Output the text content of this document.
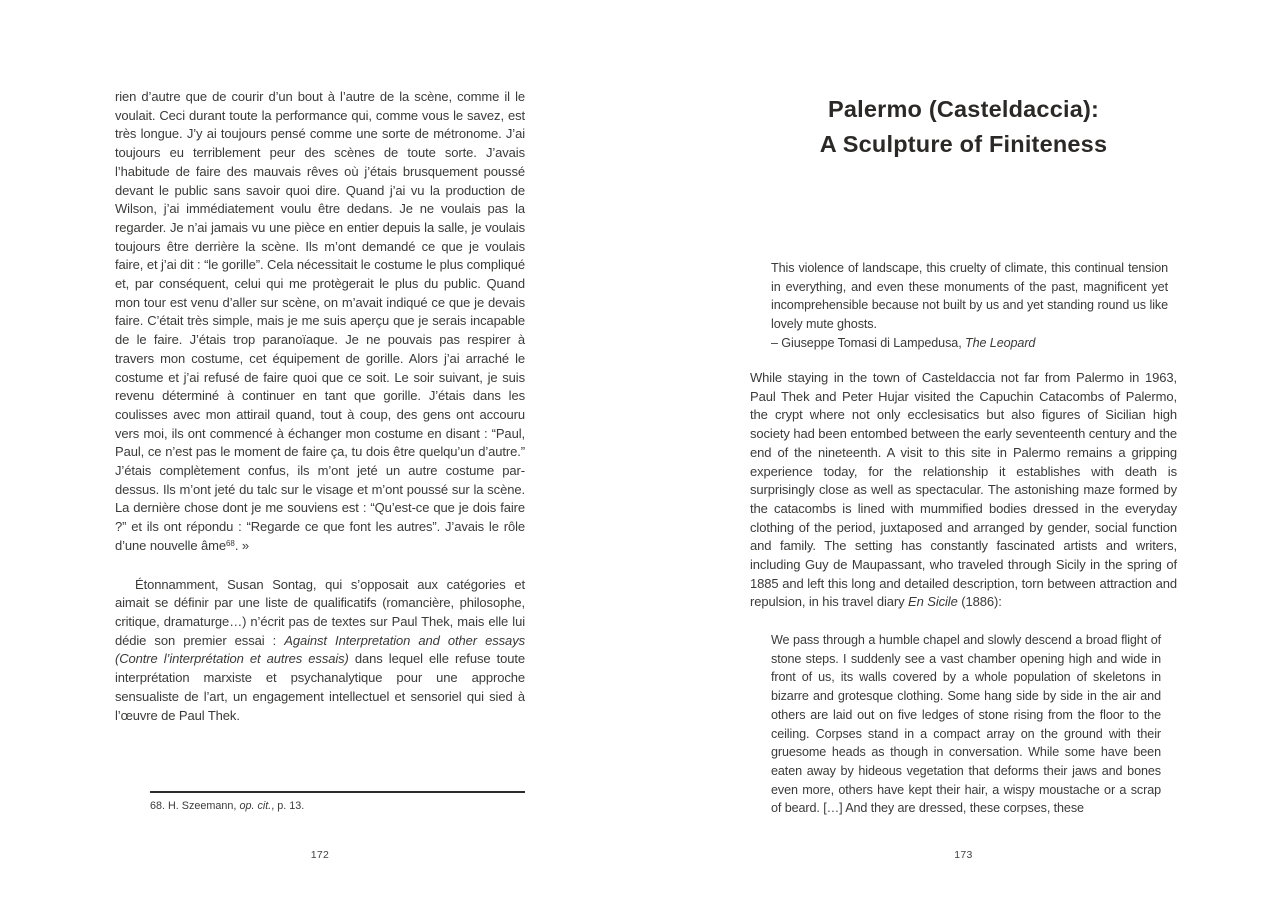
rien d’autre que de courir d’un bout à l’autre de la scène, comme il le voulait. Ceci durant toute la performance qui, comme vous le savez, est très longue. J’y ai toujours pensé comme une sorte de métronome. J’ai toujours eu terriblement peur des scènes de toute sorte. J’avais l’habitude de faire des mauvais rêves où j’étais brusquement poussé devant le public sans savoir quoi dire. Quand j’ai vu la production de Wilson, j’ai immédiatement voulu être dedans. Je ne voulais pas la regarder. Je n’ai jamais vu une pièce en entier depuis la salle, je voulais toujours être derrière la scène. Ils m’ont demandé ce que je voulais faire, et j’ai dit : “le gorille”. Cela nécessitait le costume le plus compliqué et, par conséquent, celui qui me protègerait le plus du public. Quand mon tour est venu d’aller sur scène, on m’avait indiqué ce que je devais faire. C’était très simple, mais je me suis aperçu que je serais incapable de le faire. J’étais trop paranoïaque. Je ne pouvais pas respirer à travers mon costume, cet équipement de gorille. Alors j’ai arraché le costume et j’ai refusé de faire quoi que ce soit. Le soir suivant, je suis revenu déterminé à continuer en tant que gorille. J’étais dans les coulisses avec mon attirail quand, tout à coup, des gens ont accouru vers moi, ils ont commencé à échanger mon costume en disant : “Paul, Paul, ce n’est pas le moment de faire ça, tu dois être quelqu’un d’autre.” J’étais complètement confus, ils m’ont jeté un autre costume par-dessus. Ils m’ont jeté du talc sur le visage et m’ont poussé sur la scène. La dernière chose dont je me souviens est : “Qu’est-ce que je dois faire ?” et ils ont répondu : “Regarde ce que font les autres”. J’avais le rôle d’une nouvelle âme$^{68}$. »

Étonnamment, Susan Sontag, qui s’opposait aux catégories et aimait se définir par une liste de qualificatifs (romancière, philosophe, critique, dramaturge…) n’écrit pas de textes sur Paul Thek, mais elle lui dédie son premier essai : Against Interpretation and other essays (Contre l’interprétation et autres essais) dans lequel elle refuse toute interprétation marxiste et psychanalytique pour une approche sensualiste de l’art, un engagement intellectuel et sensoriel qui sied à l’œuvre de Paul Thek.

68. H. Szeemann, op. cit., p. 13.

172
Palermo (Casteldaccia):
A Sculpture of Finiteness

This violence of landscape, this cruelty of climate, this continual tension in everything, and even these monuments of the past, magnificent yet incomprehensible because not built by us and yet standing round us like lovely mute ghosts.

– Giuseppe Tomasi di Lampedusa, The Leopard

While staying in the town of Casteldaccia not far from Palermo in 1963, Paul Thek and Peter Hujar visited the Capuchin Catacombs of Palermo, the crypt where not only ecclesisatics but also figures of Sicilian high society had been entombed between the early seventeenth century and the end of the nineteenth. A visit to this site in Palermo remains a gripping experience today, for the relationship it establishes with death is surprisingly close as well as spectacular. The astonishing maze formed by the catacombs is lined with mummified bodies dressed in the everyday clothing of the period, juxtaposed and arranged by gender, social function and family. The setting has constantly fascinated artists and writers, including Guy de Maupassant, who traveled through Sicily in the spring of 1885 and left this long and detailed description, torn between attraction and repulsion, in his travel diary En Sicile (1886):

We pass through a humble chapel and slowly descend a broad flight of stone steps. I suddenly see a vast chamber opening high and wide in front of us, its walls covered by a whole population of skeletons in bizarre and grotesque clothing. Some hang side by side in the air and others are laid out on five ledges of stone rising from the floor to the ceiling. Corpses stand in a compact array on the ground with their gruesome heads as though in conversation. While some have been eaten away by hideous vegetation that deforms their jaws and bones even more, others have kept their hair, a wispy moustache or a scrap of beard. […] And they are dressed, these corpses, these

173
